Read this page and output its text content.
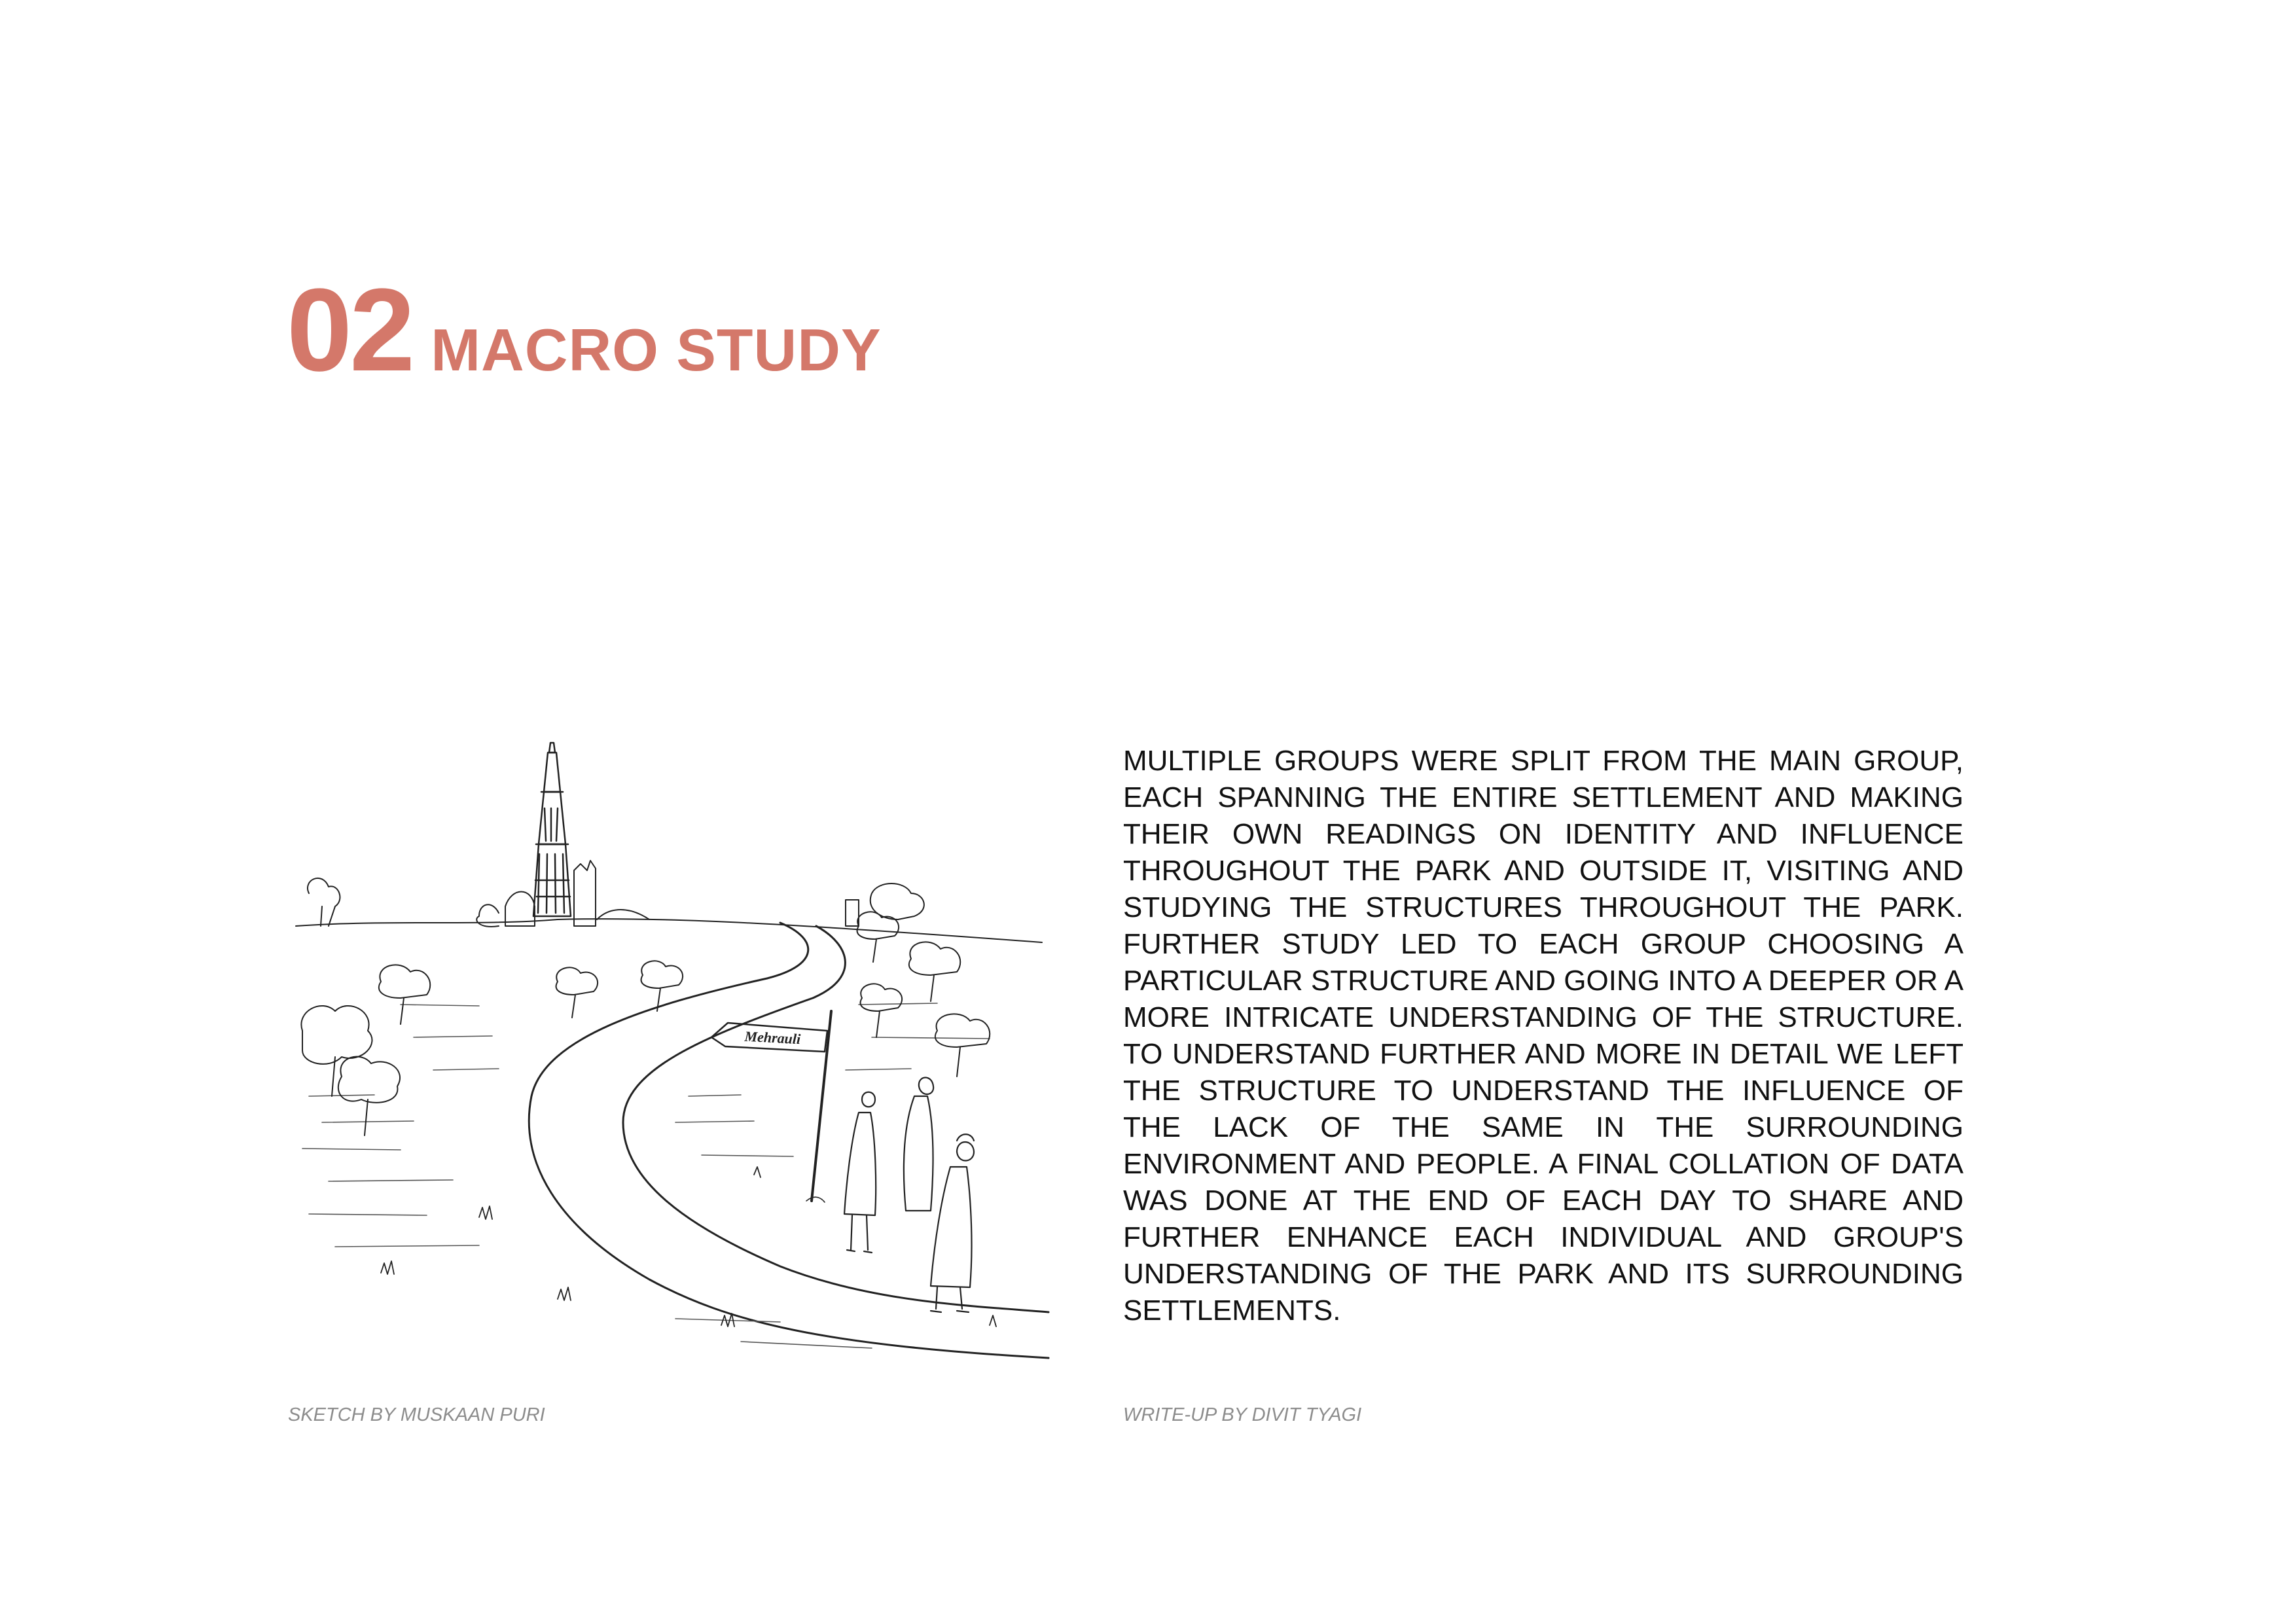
02 MACRO STUDY
Mehrauli

MULTIPLE GROUPS WERE SPLIT FROM THE MAIN GROUP, EACH SPANNING THE ENTIRE SETTLEMENT AND MAKING THEIR OWN READINGS ON IDENTITY AND INFLUENCE THROUGHOUT THE PARK AND OUTSIDE IT, VISITING AND STUDYING THE STRUCTURES THROUGHOUT THE PARK. FURTHER STUDY LED TO EACH GROUP CHOOSING A PARTICULAR STRUCTURE AND GOING INTO A DEEPER OR A MORE INTRICATE UNDERSTANDING OF THE STRUCTURE. TO UNDERSTAND FURTHER AND MORE IN DETAIL WE LEFT THE STRUCTURE TO UNDERSTAND THE INFLUENCE OF THE LACK OF THE SAME IN THE SURROUNDING ENVIRONMENT AND PEOPLE. A FINAL COLLATION OF DATA WAS DONE AT THE END OF EACH DAY TO SHARE AND FURTHER ENHANCE EACH INDIVIDUAL AND GROUP'S UNDERSTANDING OF THE PARK AND ITS SURROUNDING SETTLEMENTS.

SKETCH BY MUSKAAN PURI	WRITE-UP BY DIVIT TYAGI
